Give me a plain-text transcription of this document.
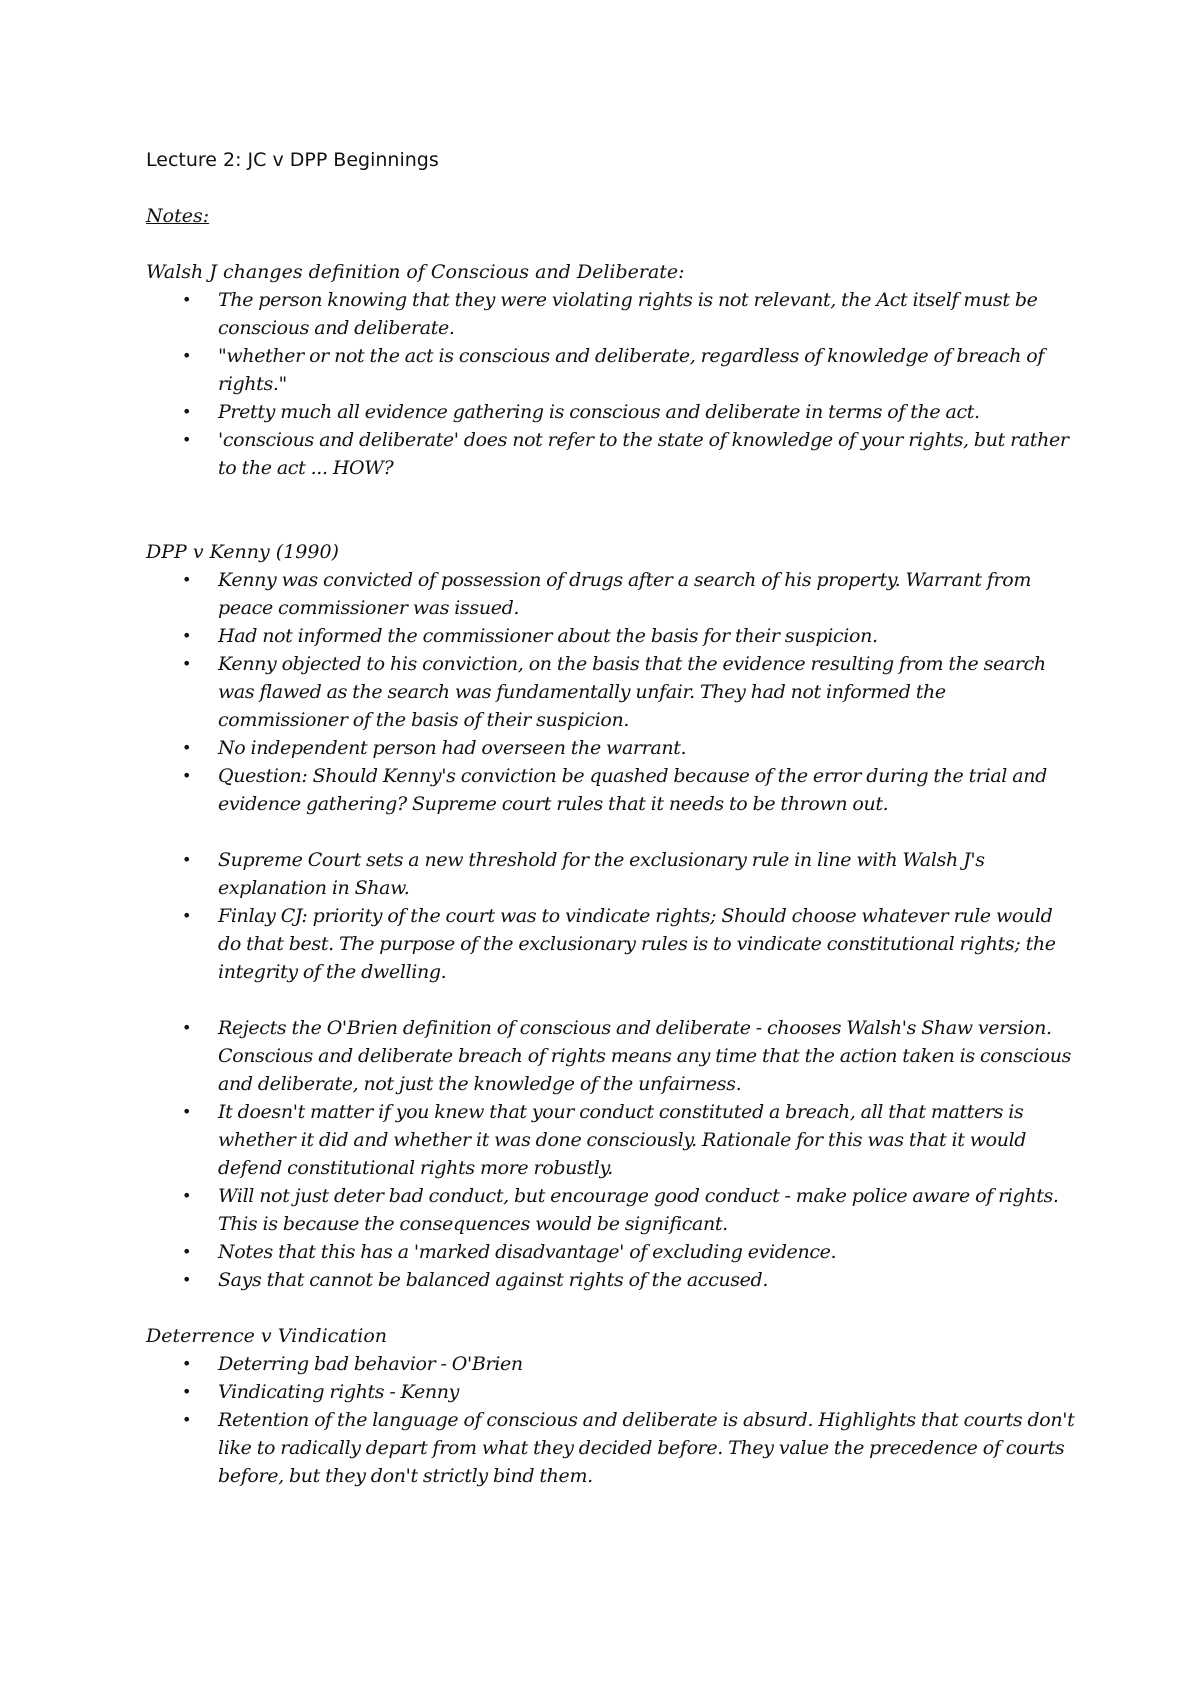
Lecture 2: JC v DPP Beginnings
Notes:
Walsh J changes definition of Conscious and Deliberate:
• The person knowing that they were violating rights is not relevant, the Act itself must be conscious and deliberate.
• "whether or not the act is conscious and deliberate, regardless of knowledge of breach of rights."
• Pretty much all evidence gathering is conscious and deliberate in terms of the act.
• 'conscious and deliberate' does not refer to the state of knowledge of your rights, but rather to the act ... HOW?
DPP v Kenny (1990)
• Kenny was convicted of possession of drugs after a search of his property. Warrant from peace commissioner was issued.
• Had not informed the commissioner about the basis for their suspicion.
• Kenny objected to his conviction, on the basis that the evidence resulting from the search was flawed as the search was fundamentally unfair. They had not informed the commissioner of the basis of their suspicion.
• No independent person had overseen the warrant.
• Question: Should Kenny's conviction be quashed because of the error during the trial and evidence gathering? Supreme court rules that it needs to be thrown out.
• Supreme Court sets a new threshold for the exclusionary rule in line with Walsh J's explanation in Shaw.
• Finlay CJ: priority of the court was to vindicate rights; Should choose whatever rule would do that best. The purpose of the exclusionary rules is to vindicate constitutional rights; the integrity of the dwelling.
• Rejects the O'Brien definition of conscious and deliberate - chooses Walsh's Shaw version. Conscious and deliberate breach of rights means any time that the action taken is conscious and deliberate, not just the knowledge of the unfairness.
• It doesn't matter if you knew that your conduct constituted a breach, all that matters is whether it did and whether it was done consciously. Rationale for this was that it would defend constitutional rights more robustly.
• Will not just deter bad conduct, but encourage good conduct - make police aware of rights. This is because the consequences would be significant.
• Notes that this has a 'marked disadvantage' of excluding evidence.
• Says that cannot be balanced against rights of the accused.
Deterrence v Vindication
• Deterring bad behavior - O'Brien
• Vindicating rights - Kenny
• Retention of the language of conscious and deliberate is absurd. Highlights that courts don't like to radically depart from what they decided before. They value the precedence of courts before, but they don't strictly bind them.
